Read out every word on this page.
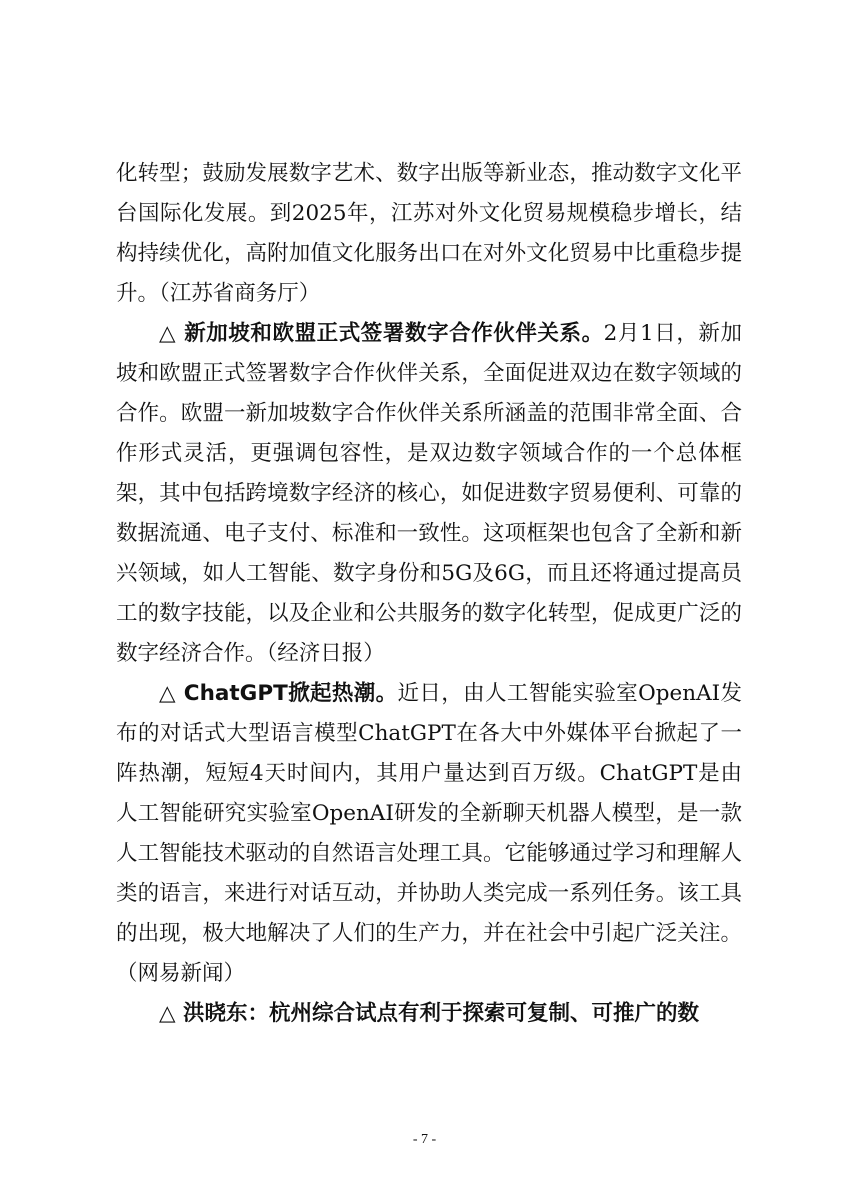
化转型；鼓励发展数字艺术、数字出版等新业态，推动数字文化平台国际化发展。到2025年，江苏对外文化贸易规模稳步增长，结构持续优化，高附加值文化服务出口在对外文化贸易中比重稳步提升。（江苏省商务厅）

△ 新加坡和欧盟正式签署数字合作伙伴关系。2月1日，新加坡和欧盟正式签署数字合作伙伴关系，全面促进双边在数字领域的合作。欧盟一新加坡数字合作伙伴关系所涵盖的范围非常全面、合作形式灵活，更强调包容性，是双边数字领域合作的一个总体框架，其中包括跨境数字经济的核心，如促进数字贸易便利、可靠的数据流通、电子支付、标准和一致性。这项框架也包含了全新和新兴领域，如人工智能、数字身份和5G及6G，而且还将通过提高员工的数字技能，以及企业和公共服务的数字化转型，促成更广泛的数字经济合作。（经济日报）

△ ChatGPT掀起热潮。近日，由人工智能实验室OpenAI发布的对话式大型语言模型ChatGPT在各大中外媒体平台掀起了一阵热潮，短短4天时间内，其用户量达到百万级。ChatGPT是由人工智能研究实验室OpenAI研发的全新聊天机器人模型，是一款人工智能技术驱动的自然语言处理工具。它能够通过学习和理解人类的语言，来进行对话互动，并协助人类完成一系列任务。该工具的出现，极大地解决了人们的生产力，并在社会中引起广泛关注。（网易新闻）

△ 洪晓东：杭州综合试点有利于探索可复制、可推广的数

- 7 -
